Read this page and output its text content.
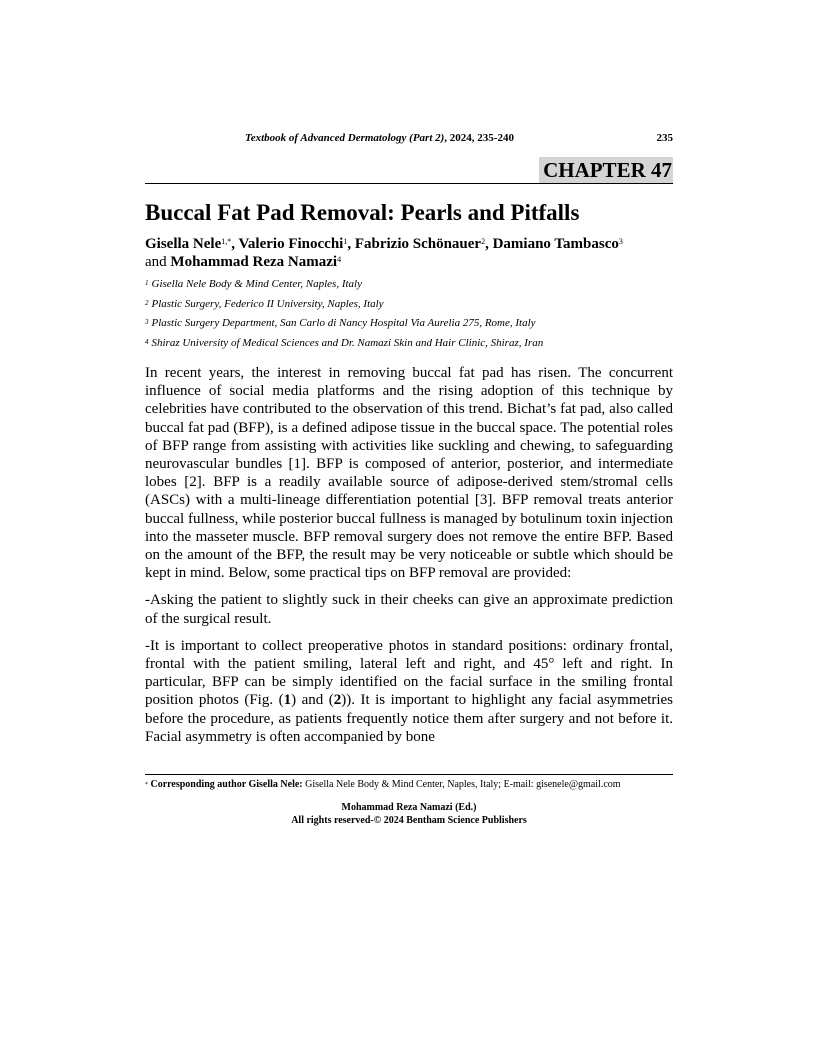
Textbook of Advanced Dermatology (Part 2), 2024, 235-240	235
CHAPTER 47
Buccal Fat Pad Removal: Pearls and Pitfalls
Gisella Nele$^{1,*}$, Valerio Finocchi$^1$, Fabrizio Schönauer$^2$, Damiano Tambasco$^3$
and Mohammad Reza Namazi$^4$
$^1$ Gisella Nele Body & Mind Center, Naples, Italy
$^2$ Plastic Surgery, Federico II University, Naples, Italy
$^3$ Plastic Surgery Department, San Carlo di Nancy Hospital Via Aurelia 275, Rome, Italy
$^4$ Shiraz University of Medical Sciences and Dr. Namazi Skin and Hair Clinic, Shiraz, Iran

In recent years, the interest in removing buccal fat pad has risen. The concurrent influence of social media platforms and the rising adoption of this technique by celebrities have contributed to the observation of this trend. Bichat’s fat pad, also called buccal fat pad (BFP), is a defined adipose tissue in the buccal space. The potential roles of BFP range from assisting with activities like suckling and chewing, to safeguarding neurovascular bundles [1]. BFP is composed of anterior, posterior, and intermediate lobes [2]. BFP is a readily available source of adipose-derived stem/stromal cells (ASCs) with a multi-lineage differentiation potential [3]. BFP removal treats anterior buccal fullness, while posterior buccal fullness is managed by botulinum toxin injection into the masseter muscle. BFP removal surgery does not remove the entire BFP. Based on the amount of the BFP, the result may be very noticeable or subtle which should be kept in mind. Below, some practical tips on BFP removal are provided:

-Asking the patient to slightly suck in their cheeks can give an approximate prediction of the surgical result.

-It is important to collect preoperative photos in standard positions: ordinary frontal, frontal with the patient smiling, lateral left and right, and 45° left and right. In particular, BFP can be simply identified on the facial surface in the smiling frontal position photos (Fig. (1) and (2)). It is important to highlight any facial asymmetries before the procedure, as patients frequently notice them after surgery and not before it. Facial asymmetry is often accompanied by bone

* Corresponding author Gisella Nele: Gisella Nele Body & Mind Center, Naples, Italy; E-mail: gisenele@gmail.com
Mohammad Reza Namazi (Ed.)
All rights reserved-© 2024 Bentham Science Publishers
